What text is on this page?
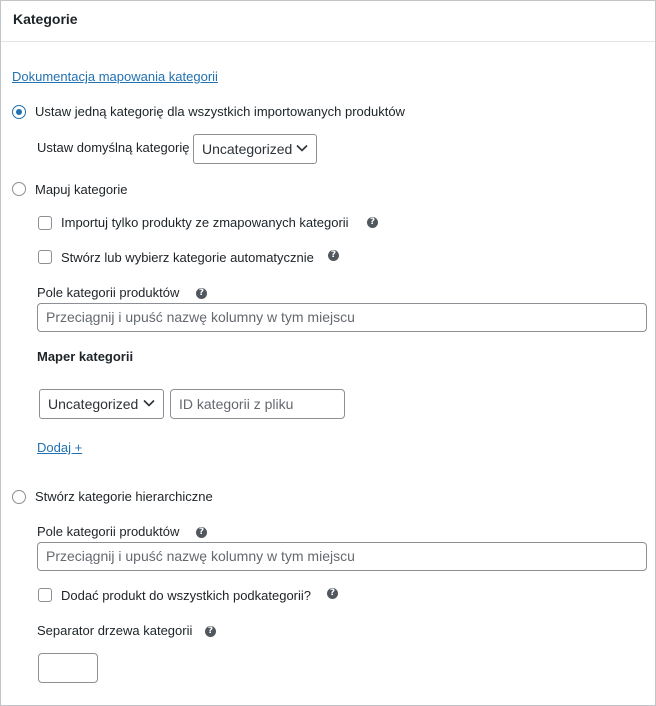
Kategorie
Dokumentacja mapowania kategorii
Ustaw jedną kategorię dla wszystkich importowanych produktów
Ustaw domyślną kategorię Uncategorized
Mapuj kategorie
Importuj tylko produkty ze zmapowanych kategorii	?
Stwórz lub wybierz kategorie automatycznie	?
Pole kategorii produktów	?
Przeciągnij i upuść nazwę kolumny w tym miejscu
Maper kategorii
Uncategorized	ID kategorii z pliku
Dodaj +
Stwórz kategorie hierarchiczne
Pole kategorii produktów	?
Przeciągnij i upuść nazwę kolumny w tym miejscu
Dodać produkt do wszystkich podkategorii?	?
Separator drzewa kategorii	?
